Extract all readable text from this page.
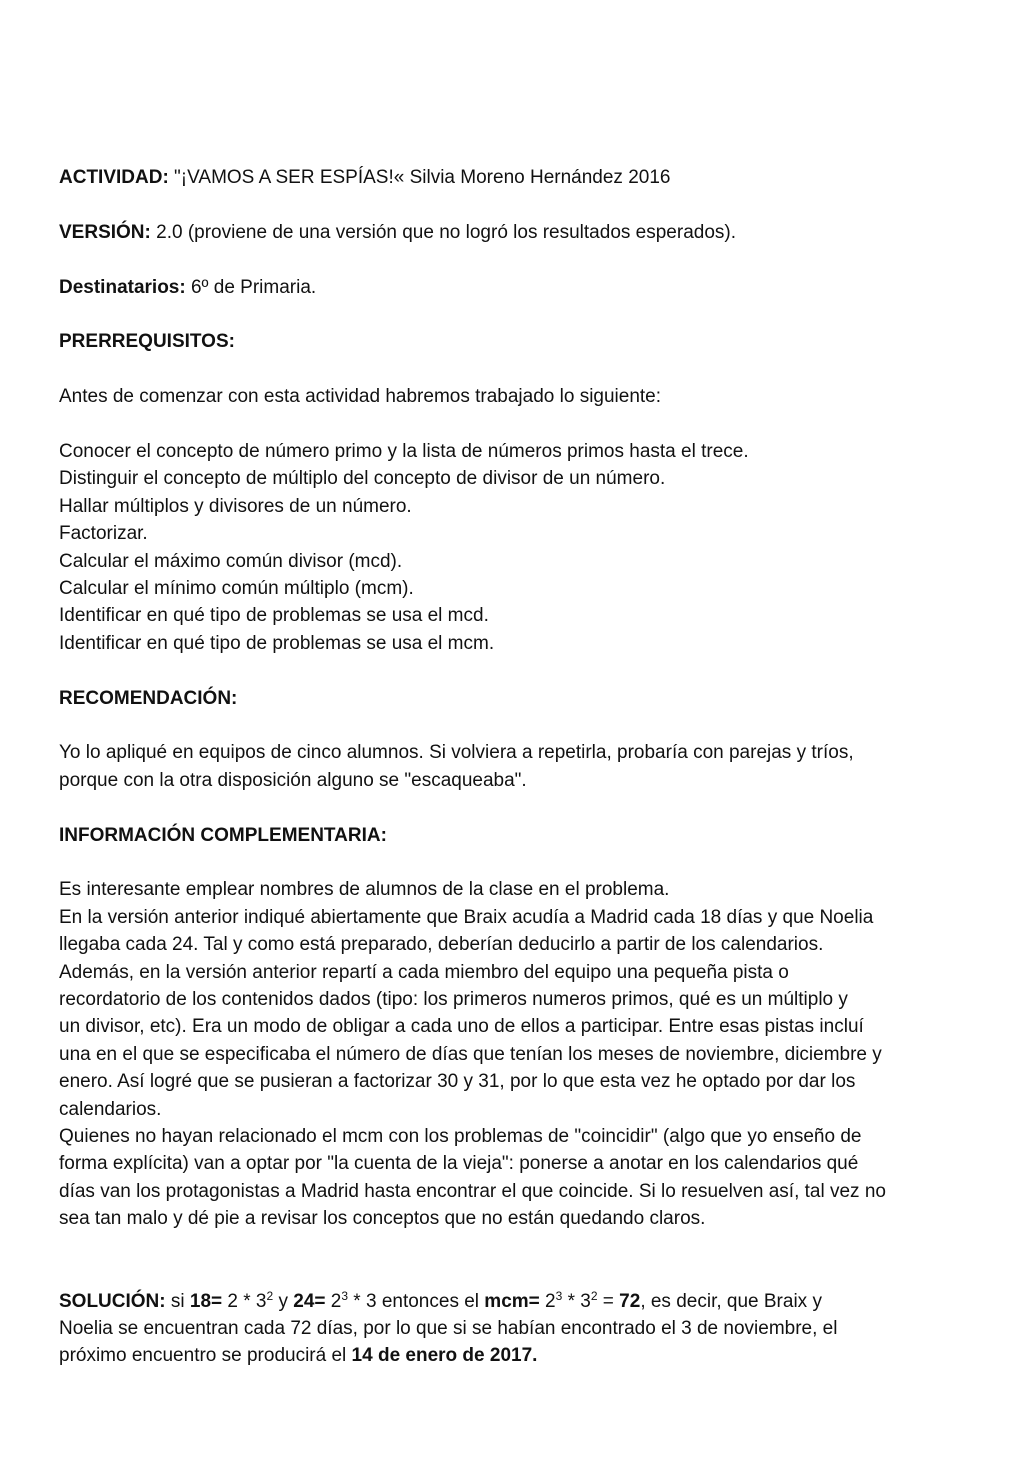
ACTIVIDAD: "¡VAMOS A SER ESPÍAS!« Silvia Moreno Hernández 2016

VERSIÓN: 2.0 (proviene de una versión que no logró los resultados esperados).

Destinatarios: 6º de Primaria.

PRERREQUISITOS:

Antes de comenzar con esta actividad habremos trabajado lo siguiente:

Conocer el concepto de número primo y la lista de números primos hasta el trece.

Distinguir el concepto de múltiplo del concepto de divisor de un número.

Hallar múltiplos y divisores de un número.

Factorizar.

Calcular el máximo común divisor (mcd).

Calcular el mínimo común múltiplo (mcm).

Identificar en qué tipo de problemas se usa el mcd.

Identificar en qué tipo de problemas se usa el mcm.

RECOMENDACIÓN:

Yo lo apliqué en equipos de cinco alumnos. Si volviera a repetirla, probaría con parejas y tríos,

porque con la otra disposición alguno se "escaqueaba".

INFORMACIÓN COMPLEMENTARIA:

Es interesante emplear nombres de alumnos de la clase en el problema.

En la versión anterior indiqué abiertamente que Braix acudía a Madrid cada 18 días y que Noelia

llegaba cada 24. Tal y como está preparado, deberían deducirlo a partir de los calendarios.

Además, en la versión anterior repartí a cada miembro del equipo una pequeña pista o

recordatorio de los contenidos dados (tipo: los primeros numeros primos, qué es un múltiplo y

un divisor, etc). Era un modo de obligar a cada uno de ellos a participar. Entre esas pistas incluí

una en el que se especificaba el número de días que tenían los meses de noviembre, diciembre y

enero. Así logré que se pusieran a factorizar 30 y 31, por lo que esta vez he optado por dar los

calendarios.

Quienes no hayan relacionado el mcm con los problemas de "coincidir" (algo que yo enseño de

forma explícita) van a optar por "la cuenta de la vieja": ponerse a anotar en los calendarios qué

días van los protagonistas a Madrid hasta encontrar el que coincide. Si lo resuelven así, tal vez no

sea tan malo y dé pie a revisar los conceptos que no están quedando claros.

SOLUCIÓN: si $18= 2 * 3^2$ y $24= 2^3 * 3$ entonces el $mcm= 2^3 * 3^2 = 72$, es decir, que Braix y

Noelia se encuentran cada 72 días, por lo que si se habían encontrado el 3 de noviembre, el

próximo encuentro se producirá el 14 de enero de 2017.
